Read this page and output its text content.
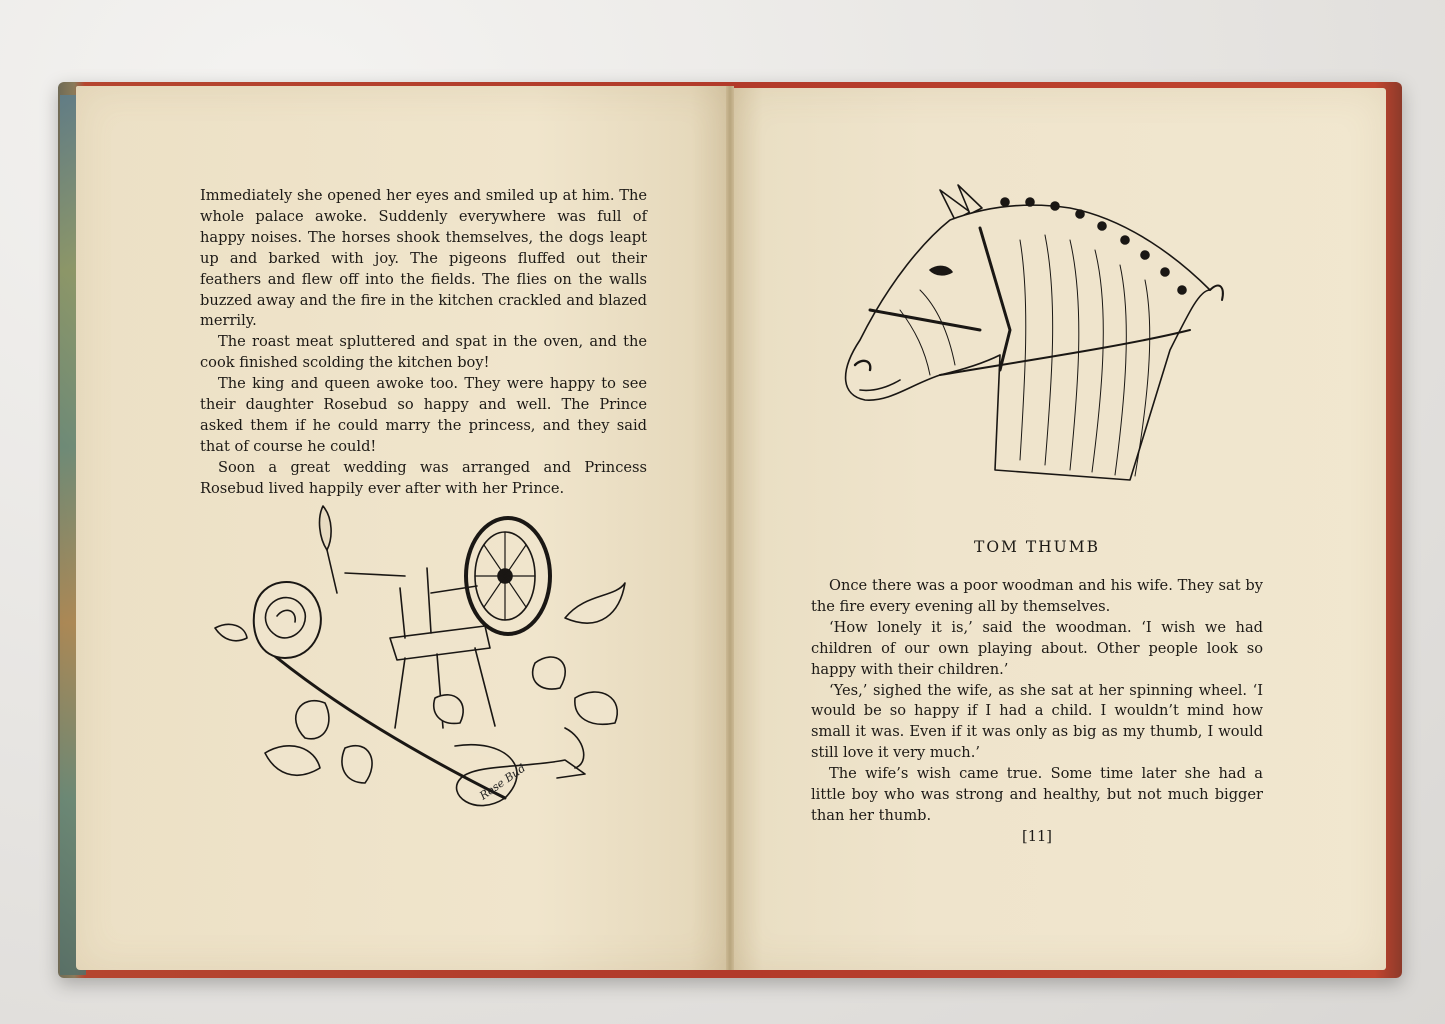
Immediately she opened her eyes and smiled up at him. The whole palace awoke. Suddenly everywhere was full of happy noises. The horses shook themselves, the dogs leapt up and barked with joy. The pigeons fluffed out their feathers and flew off into the fields. The flies on the walls buzzed away and the fire in the kitchen crackled and blazed merrily.

The roast meat spluttered and spat in the oven, and the cook finished scolding the kitchen boy!

The king and queen awoke too. They were happy to see their daughter Rosebud so happy and well. The Prince asked them if he could marry the princess, and they said that of course he could!

Soon a great wedding was arranged and Princess Rosebud lived happily ever after with her Prince.

Rose Bud
TOM THUMB

Once there was a poor woodman and his wife. They sat by the fire every evening all by themselves.

‘How lonely it is,’ said the woodman. ‘I wish we had children of our own playing about. Other people look so happy with their children.’

‘Yes,’ sighed the wife, as she sat at her spinning wheel. ‘I would be so happy if I had a child. I wouldn’t mind how small it was. Even if it was only as big as my thumb, I would still love it very much.’

The wife’s wish came true. Some time later she had a little boy who was strong and healthy, but not much bigger than her thumb.

[11]
